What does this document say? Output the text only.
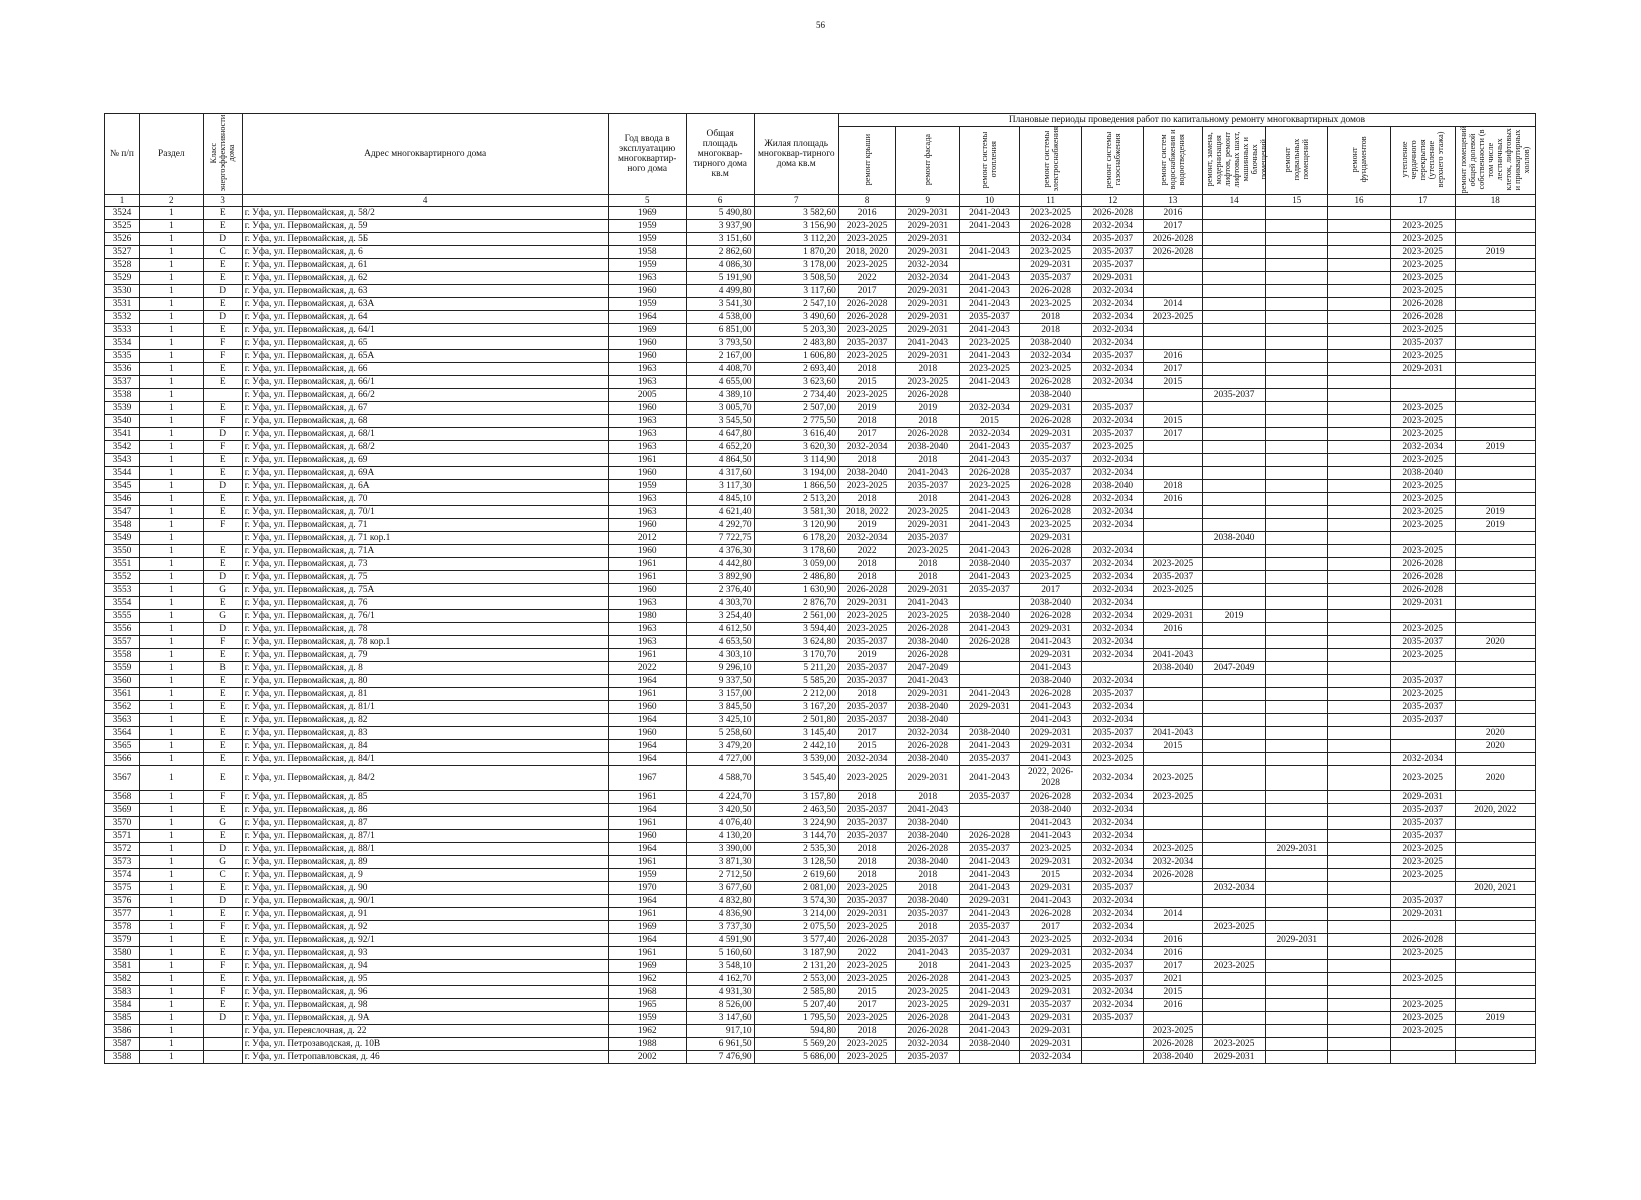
56
№ п/п	Раздел	Класс энергоэффективности дома	Адрес многоквартирного дома	Год ввода в эксплуатацию многоквартир-ного дома	Общая площадь многоквар-тирного дома кв.м	Жилая площадь многоквар-тирного дома кв.м	Плановые периоды проведения работ по капитальному ремонту многоквартирных домов										
							ремонт крыши	ремонт фасада	ремонт системы отопления	ремонт системы электроснабжения	ремонт системы газоснабжения	ремонт систем водоснабжения и водоотведения	ремонт, замена, модернизация лифтов, ремонт лифтовых шахт, машинных и блочных помещений	ремонт подвальных помещений	ремонт фундаментов	утепление чердачного перекрытия (утепление верхнего этажа)	ремонт помещений общей долевой собственности (в том числе лестничных клеток, лифтовых и приквартирных холлов)
1	2	3	4	5	6	7	8	9	10	11	12	13	14	15	16	17	18
3524	1	E	г. Уфа, ул. Первомайская, д. 58/2	1969	5 490,80	3 582,60	2016	2029-2031	2041-2043	2023-2025	2026-2028	2016					
3525	1	E	г. Уфа, ул. Первомайская, д. 59	1959	3 937,90	3 156,90	2023-2025	2029-2031	2041-2043	2026-2028	2032-2034	2017				2023-2025	
3526	1	D	г. Уфа, ул. Первомайская, д. 5Б	1959	3 151,60	3 112,20	2023-2025	2029-2031		2032-2034	2035-2037	2026-2028				2023-2025	
3527	1	C	г. Уфа, ул. Первомайская, д. 6	1958	2 862,60	1 870,20	2018, 2020	2029-2031	2041-2043	2023-2025	2035-2037	2026-2028				2023-2025	2019
3528	1	E	г. Уфа, ул. Первомайская, д. 61	1959	4 086,30	3 178,00	2023-2025	2032-2034		2029-2031	2035-2037					2023-2025	
3529	1	E	г. Уфа, ул. Первомайская, д. 62	1963	5 191,90	3 508,50	2022	2032-2034	2041-2043	2035-2037	2029-2031					2023-2025	
3530	1	D	г. Уфа, ул. Первомайская, д. 63	1960	4 499,80	3 117,60	2017	2029-2031	2041-2043	2026-2028	2032-2034					2023-2025	
3531	1	E	г. Уфа, ул. Первомайская, д. 63А	1959	3 541,30	2 547,10	2026-2028	2029-2031	2041-2043	2023-2025	2032-2034	2014				2026-2028	
3532	1	D	г. Уфа, ул. Первомайская, д. 64	1964	4 538,00	3 490,60	2026-2028	2029-2031	2035-2037	2018	2032-2034	2023-2025				2026-2028	
3533	1	E	г. Уфа, ул. Первомайская, д. 64/1	1969	6 851,00	5 203,30	2023-2025	2029-2031	2041-2043	2018	2032-2034					2023-2025	
3534	1	F	г. Уфа, ул. Первомайская, д. 65	1960	3 793,50	2 483,80	2035-2037	2041-2043	2023-2025	2038-2040	2032-2034					2035-2037	
3535	1	F	г. Уфа, ул. Первомайская, д. 65А	1960	2 167,00	1 606,80	2023-2025	2029-2031	2041-2043	2032-2034	2035-2037	2016				2023-2025	
3536	1	E	г. Уфа, ул. Первомайская, д. 66	1963	4 408,70	2 693,40	2018	2018	2023-2025	2023-2025	2032-2034	2017				2029-2031	
3537	1	E	г. Уфа, ул. Первомайская, д. 66/1	1963	4 655,00	3 623,60	2015	2023-2025	2041-2043	2026-2028	2032-2034	2015					
3538	1		г. Уфа, ул. Первомайская, д. 66/2	2005	4 389,10	2 734,40	2023-2025	2026-2028		2038-2040			2035-2037				
3539	1	E	г. Уфа, ул. Первомайская, д. 67	1960	3 005,70	2 507,00	2019	2019	2032-2034	2029-2031	2035-2037					2023-2025	
3540	1	F	г. Уфа, ул. Первомайская, д. 68	1963	3 545,50	2 775,50	2018	2018	2015	2026-2028	2032-2034	2015				2023-2025	
3541	1	D	г. Уфа, ул. Первомайская, д. 68/1	1963	4 647,80	3 616,40	2017	2026-2028	2032-2034	2029-2031	2035-2037	2017				2023-2025	
3542	1	F	г. Уфа, ул. Первомайская, д. 68/2	1963	4 652,20	3 620,30	2032-2034	2038-2040	2041-2043	2035-2037	2023-2025					2032-2034	2019
3543	1	E	г. Уфа, ул. Первомайская, д. 69	1961	4 864,50	3 114,90	2018	2018	2041-2043	2035-2037	2032-2034					2023-2025	
3544	1	E	г. Уфа, ул. Первомайская, д. 69А	1960	4 317,60	3 194,00	2038-2040	2041-2043	2026-2028	2035-2037	2032-2034					2038-2040	
3545	1	D	г. Уфа, ул. Первомайская, д. 6А	1959	3 117,30	1 866,50	2023-2025	2035-2037	2023-2025	2026-2028	2038-2040	2018				2023-2025	
3546	1	E	г. Уфа, ул. Первомайская, д. 70	1963	4 845,10	2 513,20	2018	2018	2041-2043	2026-2028	2032-2034	2016				2023-2025	
3547	1	E	г. Уфа, ул. Первомайская, д. 70/1	1963	4 621,40	3 581,30	2018, 2022	2023-2025	2041-2043	2026-2028	2032-2034					2023-2025	2019
3548	1	F	г. Уфа, ул. Первомайская, д. 71	1960	4 292,70	3 120,90	2019	2029-2031	2041-2043	2023-2025	2032-2034					2023-2025	2019
3549	1		г. Уфа, ул. Первомайская, д. 71 кор.1	2012	7 722,75	6 178,20	2032-2034	2035-2037		2029-2031			2038-2040				
3550	1	E	г. Уфа, ул. Первомайская, д. 71А	1960	4 376,30	3 178,60	2022	2023-2025	2041-2043	2026-2028	2032-2034					2023-2025	
3551	1	E	г. Уфа, ул. Первомайская, д. 73	1961	4 442,80	3 059,00	2018	2018	2038-2040	2035-2037	2032-2034	2023-2025				2026-2028	
3552	1	D	г. Уфа, ул. Первомайская, д. 75	1961	3 892,90	2 486,80	2018	2018	2041-2043	2023-2025	2032-2034	2035-2037				2026-2028	
3553	1	G	г. Уфа, ул. Первомайская, д. 75А	1960	2 376,40	1 630,90	2026-2028	2029-2031	2035-2037	2017	2032-2034	2023-2025				2026-2028	
3554	1	E	г. Уфа, ул. Первомайская, д. 76	1963	4 303,70	2 876,70	2029-2031	2041-2043		2038-2040	2032-2034					2029-2031	
3555	1	G	г. Уфа, ул. Первомайская, д. 76/1	1980	3 254,40	2 561,00	2023-2025	2023-2025	2038-2040	2026-2028	2032-2034	2029-2031	2019				
3556	1	D	г. Уфа, ул. Первомайская, д. 78	1963	4 612,50	3 594,40	2023-2025	2026-2028	2041-2043	2029-2031	2032-2034	2016				2023-2025	
3557	1	F	г. Уфа, ул. Первомайская, д. 78 кор.1	1963	4 653,50	3 624,80	2035-2037	2038-2040	2026-2028	2041-2043	2032-2034					2035-2037	2020
3558	1	E	г. Уфа, ул. Первомайская, д. 79	1961	4 303,10	3 170,70	2019	2026-2028		2029-2031	2032-2034	2041-2043				2023-2025	
3559	1	B	г. Уфа, ул. Первомайская, д. 8	2022	9 296,10	5 211,20	2035-2037	2047-2049		2041-2043		2038-2040	2047-2049				
3560	1	E	г. Уфа, ул. Первомайская, д. 80	1964	9 337,50	5 585,20	2035-2037	2041-2043		2038-2040	2032-2034					2035-2037	
3561	1	E	г. Уфа, ул. Первомайская, д. 81	1961	3 157,00	2 212,00	2018	2029-2031	2041-2043	2026-2028	2035-2037					2023-2025	
3562	1	E	г. Уфа, ул. Первомайская, д. 81/1	1960	3 845,50	3 167,20	2035-2037	2038-2040	2029-2031	2041-2043	2032-2034					2035-2037	
3563	1	E	г. Уфа, ул. Первомайская, д. 82	1964	3 425,10	2 501,80	2035-2037	2038-2040		2041-2043	2032-2034					2035-2037	
3564	1	E	г. Уфа, ул. Первомайская, д. 83	1960	5 258,60	3 145,40	2017	2032-2034	2038-2040	2029-2031	2035-2037	2041-2043					2020
3565	1	E	г. Уфа, ул. Первомайская, д. 84	1964	3 479,20	2 442,10	2015	2026-2028	2041-2043	2029-2031	2032-2034	2015					2020
3566	1	E	г. Уфа, ул. Первомайская, д. 84/1	1964	4 727,00	3 539,00	2032-2034	2038-2040	2035-2037	2041-2043	2023-2025					2032-2034	
3567	1	E	г. Уфа, ул. Первомайская, д. 84/2	1967	4 588,70	3 545,40	2023-2025	2029-2031	2041-2043	2022, 2026-2028	2032-2034	2023-2025				2023-2025	2020
3568	1	F	г. Уфа, ул. Первомайская, д. 85	1961	4 224,70	3 157,80	2018	2018	2035-2037	2026-2028	2032-2034	2023-2025				2029-2031	
3569	1	E	г. Уфа, ул. Первомайская, д. 86	1964	3 420,50	2 463,50	2035-2037	2041-2043		2038-2040	2032-2034					2035-2037	2020, 2022
3570	1	G	г. Уфа, ул. Первомайская, д. 87	1961	4 076,40	3 224,90	2035-2037	2038-2040		2041-2043	2032-2034					2035-2037	
3571	1	E	г. Уфа, ул. Первомайская, д. 87/1	1960	4 130,20	3 144,70	2035-2037	2038-2040	2026-2028	2041-2043	2032-2034					2035-2037	
3572	1	D	г. Уфа, ул. Первомайская, д. 88/1	1964	3 390,00	2 535,30	2018	2026-2028	2035-2037	2023-2025	2032-2034	2023-2025		2029-2031		2023-2025	
3573	1	G	г. Уфа, ул. Первомайская, д. 89	1961	3 871,30	3 128,50	2018	2038-2040	2041-2043	2029-2031	2032-2034	2032-2034				2023-2025	
3574	1	C	г. Уфа, ул. Первомайская, д. 9	1959	2 712,50	2 619,60	2018	2018	2041-2043	2015	2032-2034	2026-2028				2023-2025	
3575	1	E	г. Уфа, ул. Первомайская, д. 90	1970	3 677,60	2 081,00	2023-2025	2018	2041-2043	2029-2031	2035-2037		2032-2034				2020, 2021
3576	1	D	г. Уфа, ул. Первомайская, д. 90/1	1964	4 832,80	3 574,30	2035-2037	2038-2040	2029-2031	2041-2043	2032-2034					2035-2037	
3577	1	E	г. Уфа, ул. Первомайская, д. 91	1961	4 836,90	3 214,00	2029-2031	2035-2037	2041-2043	2026-2028	2032-2034	2014				2029-2031	
3578	1	F	г. Уфа, ул. Первомайская, д. 92	1969	3 737,30	2 075,50	2023-2025	2018	2035-2037	2017	2032-2034		2023-2025				
3579	1	E	г. Уфа, ул. Первомайская, д. 92/1	1964	4 591,90	3 577,40	2026-2028	2035-2037	2041-2043	2023-2025	2032-2034	2016		2029-2031		2026-2028	
3580	1	E	г. Уфа, ул. Первомайская, д. 93	1961	5 160,60	3 187,90	2022	2041-2043	2035-2037	2029-2031	2032-2034	2016				2023-2025	
3581	1	F	г. Уфа, ул. Первомайская, д. 94	1969	3 548,10	2 131,20	2023-2025	2018	2041-2043	2023-2025	2035-2037	2017	2023-2025				
3582	1	E	г. Уфа, ул. Первомайская, д. 95	1962	4 162,70	2 553,00	2023-2025	2026-2028	2041-2043	2023-2025	2035-2037	2021				2023-2025	
3583	1	F	г. Уфа, ул. Первомайская, д. 96	1968	4 931,30	2 585,80	2015	2023-2025	2041-2043	2029-2031	2032-2034	2015					
3584	1	E	г. Уфа, ул. Первомайская, д. 98	1965	8 526,00	5 207,40	2017	2023-2025	2029-2031	2035-2037	2032-2034	2016				2023-2025	
3585	1	D	г. Уфа, ул. Первомайская, д. 9А	1959	3 147,60	1 795,50	2023-2025	2026-2028	2041-2043	2029-2031	2035-2037					2023-2025	2019
3586	1		г. Уфа, ул. Переяслочная, д. 22	1962	917,10	594,80	2018	2026-2028	2041-2043	2029-2031		2023-2025				2023-2025	
3587	1		г. Уфа, ул. Петрозаводская, д. 10В	1988	6 961,50	5 569,20	2023-2025	2032-2034	2038-2040	2029-2031		2026-2028	2023-2025				
3588	1		г. Уфа, ул. Петропавловская, д. 46	2002	7 476,90	5 686,00	2023-2025	2035-2037		2032-2034		2038-2040	2029-2031				
